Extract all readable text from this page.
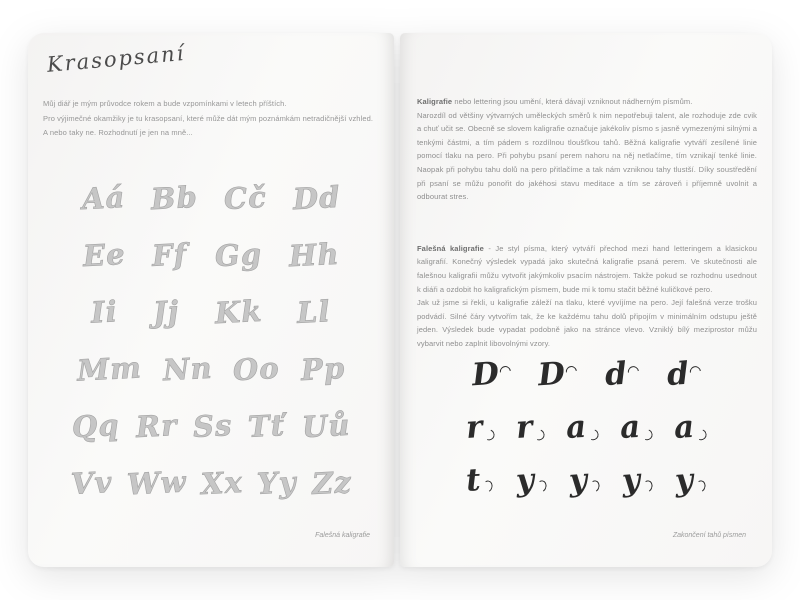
Krasopsaní
Můj diář je mým průvodce rokem a bude vzpomínkami v letech příštích.
Pro výjimečné okamžiky je tu krasopsaní, které může dát mým poznámkám netradičnější vzhled.
A nebo taky ne. Rozhodnutí je jen na mně...
Aá Bb Cč Dd
Ee Ff Gg Hh
Ii Jj Kk Ll
Mm Nn Oo Pp
Qq Rr Ss Tť Uů
Vv Ww Xx Yy Zz
Falešná kaligrafie
Kaligrafie nebo lettering jsou umění, která dávají vzniknout nádherným písmům.
Narozdíl od většiny výtvarných uměleckých směrů k nim nepotřebuji talent, ale rozhoduje zde cvik a chuť učit se. Obecně se slovem kaligrafie označuje jakékoliv písmo s jasně vymezenými silnými a tenkými částmi, a tím pádem s rozdílnou tloušťkou tahů. Běžná kaligrafie vytváří zesílené linie pomocí tlaku na pero. Při pohybu psaní perem nahoru na něj netlačíme, tím vznikají tenké linie. Naopak při pohybu tahu dolů na pero přitlačíme a tak nám vzniknou tahy tlustší. Díky soustředění při psaní se můžu ponořit do jakéhosi stavu meditace a tím se zároveň i příjemně uvolnit a odbourat stres.
Falešná kaligrafie - Je styl písma, který vytváří přechod mezi hand letteringem a klasickou kaligrafií. Konečný výsledek vypadá jako skutečná kaligrafie psaná perem. Ve skutečnosti ale falešnou kaligrafii můžu vytvořit jakýmkoliv psacím nástrojem. Takže pokud se rozhodnu usednout k diáři a ozdobit ho kaligrafickým písmem, bude mi k tomu stačit běžné kuličkové pero.
Jak už jsme si řekli, u kaligrafie záleží na tlaku, které vyvíjíme na pero. Její falešná verze trošku podvádí. Silné čáry vytvořím tak, že ke každému tahu dolů připojím v minimálním odstupu ještě jeden. Výsledek bude vypadat podobně jako na stránce vlevo. Vzniklý bílý meziprostor můžu vybarvit nebo zaplnit libovolnými vzory.
D	D	d	d
r	r	a	a	a
t	y	y	y	y
Zakončení tahů písmen
